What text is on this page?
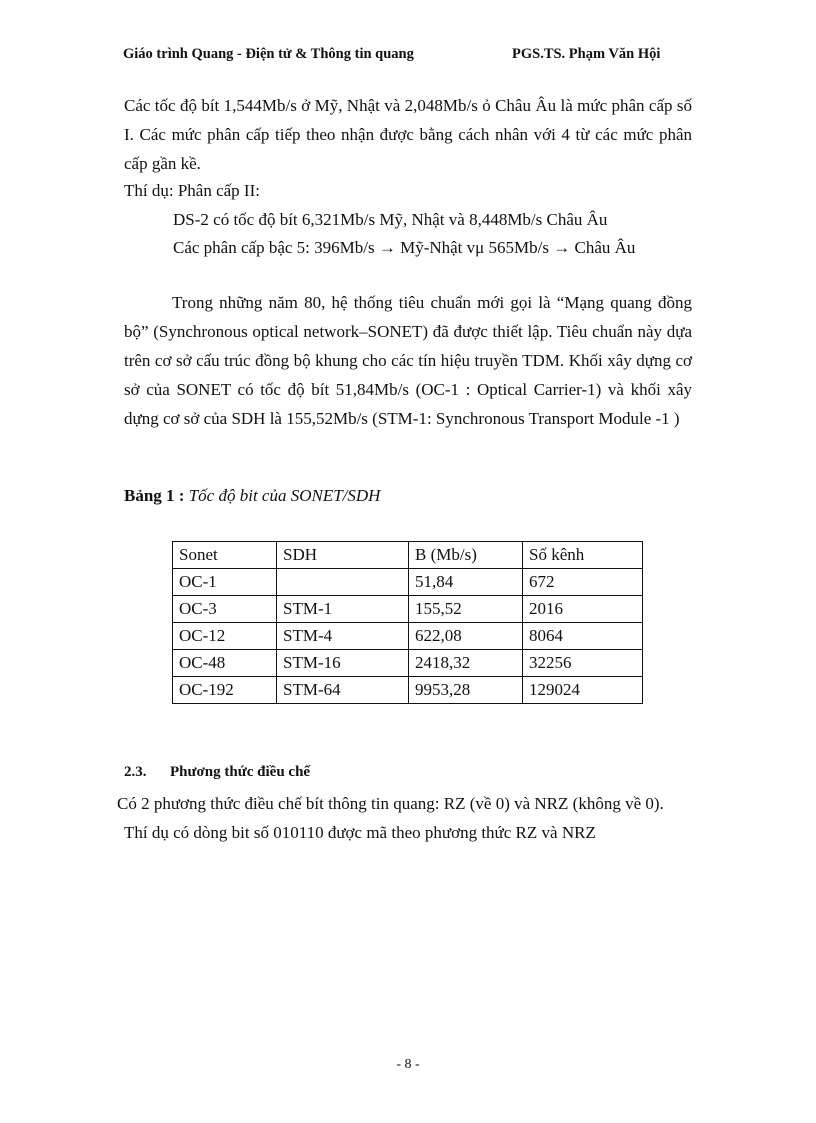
Giáo trình Quang - Điện tử & Thông tin quang	PGS.TS. Phạm Văn Hội
Các tốc độ bít 1,544Mb/s ở Mỹ, Nhật và 2,048Mb/s ỏ Châu Âu là mức phân cấp số I. Các mức phân cấp tiếp theo nhận được bằng cách nhân với 4 từ các mức phân cấp gần kề.
Thí dụ: Phân cấp II:
DS-2 có tốc độ bít 6,321Mb/s Mỹ, Nhật và 8,448Mb/s Châu Âu
Các phân cấp bậc 5: 396Mb/s → Mỹ-Nhật vμ 565Mb/s → Châu Âu
Trong những năm 80, hệ thống tiêu chuẩn mới gọi là “Mạng quang đồng bộ” (Synchronous optical network–SONET) đã được thiết lập. Tiêu chuẩn này dựa trên cơ sở cấu trúc đồng bộ khung cho các tín hiệu truyền TDM. Khối xây dựng cơ sở của SONET có tốc độ bít 51,84Mb/s (OC-1 : Optical Carrier-1) và khối xây dựng cơ sở của SDH là 155,52Mb/s (STM-1: Synchronous Transport Module -1 )
Bảng 1 : Tốc độ bit của SONET/SDH
Sonet	SDH	B (Mb/s)	Số kênh
OC-1		51,84	672
OC-3	STM-1	155,52	2016
OC-12	STM-4	622,08	8064
OC-48	STM-16	2418,32	32256
OC-192	STM-64	9953,28	129024
2.3. Phương thức điều chế
Có 2 phương thức điều chế bít thông tin quang: RZ (về 0) và NRZ (không về 0).
Thí dụ có dòng bit số 010110 được mã theo phương thức RZ và NRZ
- 8 -
